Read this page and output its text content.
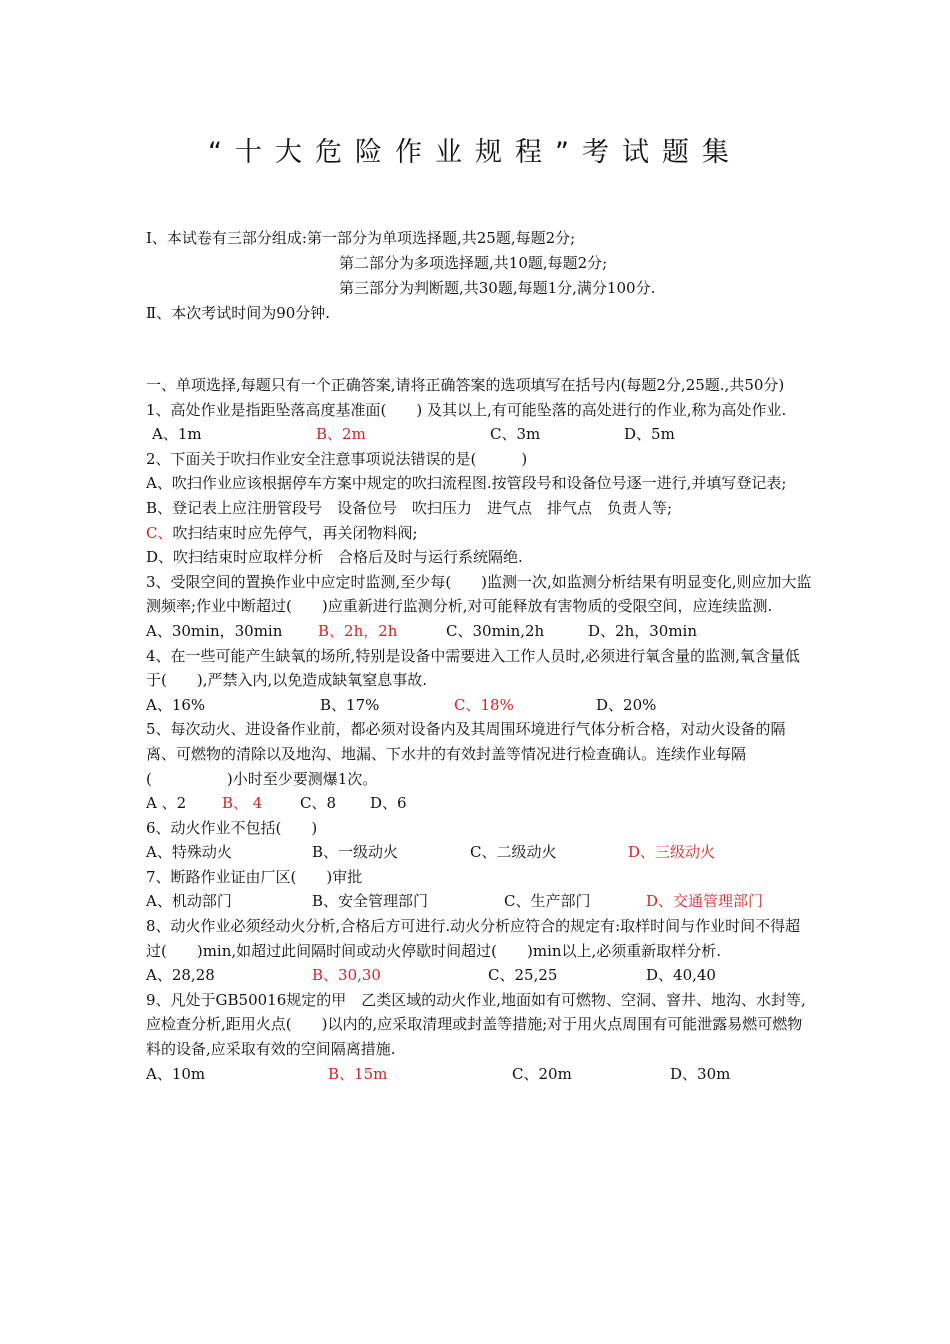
“十大危险作业规程”考试题集
Ⅰ、本试卷有三部分组成:第一部分为单项选择题,共25题,每题2分;
第二部分为多项选择题,共10题,每题2分;
第三部分为判断题,共30题,每题1分,满分100分.
Ⅱ、本次考试时间为90分钟.

一、单项选择,每题只有一个正确答案,请将正确答案的选项填写在括号内(每题2分,25题.,共50分)

1、高处作业是指距坠落高度基准面(　　) 及其以上,有可能坠落的高处进行的作业,称为高处作业.

A、1m	B、2m	C、3m	D、5m

2、下面关于吹扫作业安全注意事项说法错误的是(　　　)

A、吹扫作业应该根据停车方案中规定的吹扫流程图.按管段号和设备位号逐一进行,并填写登记表;

B、登记表上应注册管段号　设备位号　吹扫压力　进气点　排气点　负责人等;

C、吹扫结束时应先停气，再关闭物料阀;

D、吹扫结束时应取样分析　合格后及时与运行系统隔绝.

3、受限空间的置换作业中应定时监测,至少每(　　)监测一次,如监测分析结果有明显变化,则应加大监测频率;作业中断超过(　　)应重新进行监测分析,对可能释放有害物质的受限空间，应连续监测.

A、30min，30min B、2h，2h	C、30min,2h	D、2h，30min

4、在一些可能产生缺氧的场所,特别是设备中需要进入工作人员时,必须进行氧含量的监测,氧含量低于(　　),严禁入内,以免造成缺氧窒息事故.

A、16%	B、17%	C、18%	D、20%

5、每次动火、进设备作业前，都必须对设备内及其周围环境进行气体分析合格，对动火设备的隔离、可燃物的清除以及地沟、地漏、下水井的有效封盖等情况进行检查确认。连续作业每隔(　　　　　)小时至少要测爆1次。

A 、2 B、 4	C、8 D、6

6、动火作业不包括(　　)

A、特殊动火	B、一级动火	C、二级动火	D、三级动火

7、断路作业证由厂区(　　)审批

A、机动部门	B、安全管理部门	C、生产部门	D、交通管理部门

8、动火作业必须经动火分析,合格后方可进行.动火分析应符合的规定有:取样时间与作业时间不得超过(　　)min,如超过此间隔时间或动火停歇时间超过(　　)min以上,必须重新取样分析.

A、28,28	B、30,30	C、25,25	D、40,40

9、凡处于GB50016规定的甲　乙类区域的动火作业,地面如有可燃物、空洞、窨井、地沟、水封等,应检查分析,距用火点(　　)以内的,应采取清理或封盖等措施;对于用火点周围有可能泄露易燃可燃物料的设备,应采取有效的空间隔离措施.

A、10m	B、15m	C、20m	D、30m
